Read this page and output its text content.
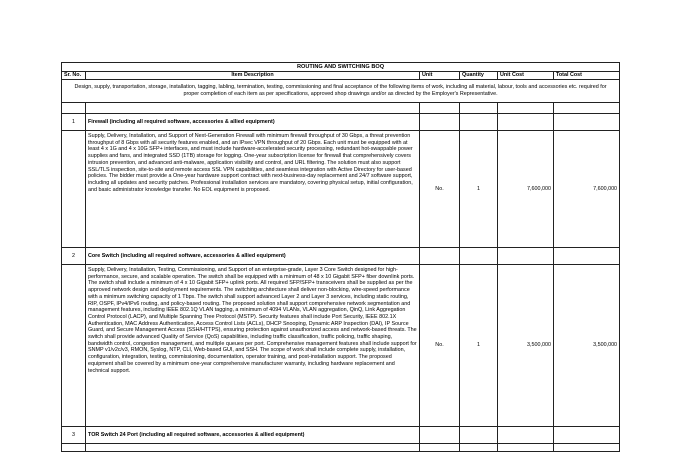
ROUTING AND SWITCHING BOQ					
Sr. No.	Item Description	Unit	Quantity	Unit Cost	Total Cost
Design, supply, transportation, storage, installation, tagging, labling, termination, testing, commissioning and final acceptance of the following items of work, including all material, labour, tools and accessories etc. required for proper completion of each item as per specifications, approved shop drawings and/or as directed by the Employer's Representative.					

1	Firewall (including all required software, accessories & allied equipment)				
	Supply, Delivery, Installation, and Support of Next-Generation Firewall with minimum firewall throughput of 30 Gbps, a threat prevention throughput of 8 Gbps with all security features enabled, and an IPsec VPN throughput of 20 Gbps. Each unit must be equipped with at least 4 x 1G and 4 x 10G SFP+ interfaces, and must include hardware-accelerated security processing, redundant hot-swappable power supplies and fans, and integrated SSD (1TB) storage for logging. One-year subscription license for firewall that comprehensively covers intrusion prevention, and advanced anti-malware, application visibility and control, and URL filtering. The solution must also support SSL/TLS inspection, site-to-site and remote access SSL VPN capabilities, and seamless integration with Active Directory for user-based policies. The bidder must provide a One-year hardware support contract with next-business-day replacement and 24/7 software support, including all updates and security patches. Professional installation services are mandatory, covering physical setup, initial configuration, and basic administrator knowledge transfer. No EOL equipment is proposed.	No.	1	7,600,000	7,600,000
2	Core Switch (including all required software, accessories & allied equipment)				
	Supply, Delivery, Installation, Testing, Commissioning, and Support of an enterprise-grade, Layer 3 Core Switch designed for high-performance, secure, and scalable operation. The switch shall be equipped with a minimum of 48 x 10 Gigabit SFP+ fiber downlink ports. The switch shall include a minimum of 4 x 10 Gigabit SFP+ uplink ports. All required SFP/SFP+ transceivers shall be supplied as per the approved network design and deployment requirements. The switching architecture shall deliver non-blocking, wire-speed performance with a minimum switching capacity of 1 Tbps. The switch shall support advanced Layer 2 and Layer 3 services, including static routing, RIP, OSPF, IPv4/IPv6 routing, and policy-based routing. The proposed solution shall support comprehensive network segmentation and management features, including IEEE 802.1Q VLAN tagging, a minimum of 4094 VLANs, VLAN aggregation, QinQ, Link Aggregation Control Protocol (LACP), and Multiple Spanning Tree Protocol (MSTP). Security features shall include Port Security, IEEE 802.1X Authentication, MAC Address Authentication, Access Control Lists (ACLs), DHCP Snooping, Dynamic ARP Inspection (DAI), IP Source Guard, and Secure Management Access (SSH/HTTPS), ensuring protection against unauthorized access and network-based threats. The switch shall provide advanced Quality of Service (QoS) capabilities, including traffic classification, traffic policing, traffic shaping, bandwidth control, congestion management, and multiple queues per port. Comprehensive management features shall include support for SNMP v1/v2c/v3, RMON, Syslog, NTP, CLI, Web-based GUI, and SSH. The scope of work shall include complete supply, installation, configuration, integration, testing, commissioning, documentation, operator training, and post-installation support. The proposed equipment shall be covered by a minimum one-year comprehensive manufacturer warranty, including hardware replacement and technical support.	No.	1	3,500,000	3,500,000
3	TOR Switch 24 Port (including all required software, accessories & allied equipment)				
